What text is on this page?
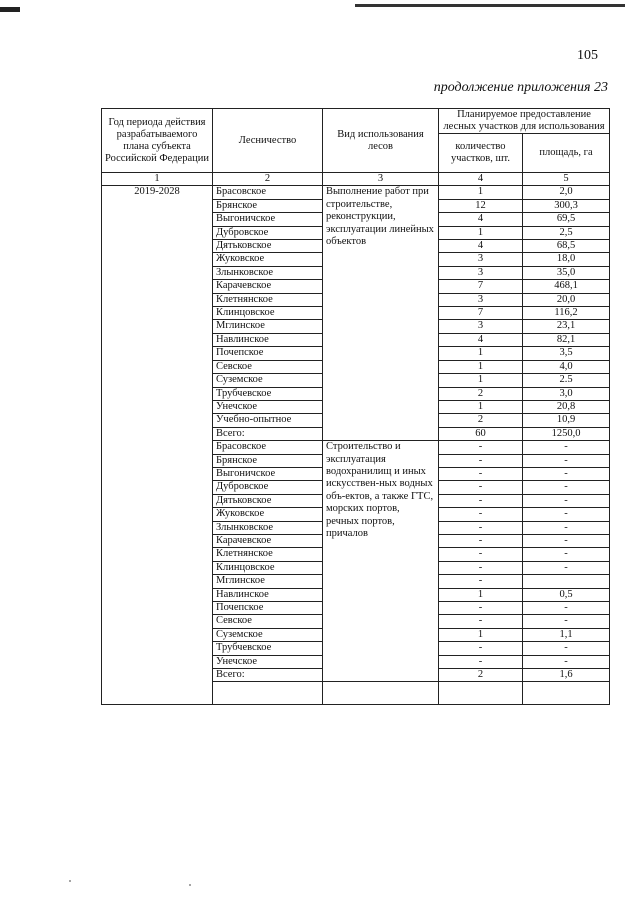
105
продолжение приложения 23
Год периода действия разрабатываемого плана субъекта Российской Федерации	Лесничество	Вид использования лесов	Планируемое предоставление лесных участков для использования	
			количество участков, шт.	площадь, га
1	2	3	4	5
2019-2028	Брасовское	Выполнение работ при строительстве, реконструкции, эксплуатации линейных объектов	1	2,0
	Брянское		12	300,3
	Выгоничское		4	69,5
	Дубровское		1	2,5
	Дятьковское		4	68,5
	Жуковское		3	18,0
	Злынковское		3	35,0
	Карачевское		7	468,1
	Клетнянское		3	20,0
	Клинцовское		7	116,2
	Мглинское		3	23,1
	Навлинское		4	82,1
	Почепское		1	3,5
	Севское		1	4,0
	Суземское		1	2.5
	Трубчевское		2	3,0
	Унечское		1	20,8
	Учебно-опытное		2	10,9
	Всего:		60	1250,0
	Брасовское	Строительство и эксплуатация водохранилищ и иных искусствен-ных водных объ-ектов, а также ГТС, морских портов, речных портов, причалов	-	-
	Брянское		-	-
	Выгоничское		-	-
	Дубровское		-	-
	Дятьковское		-	-
	Жуковское		-	-
	Злынковское		-	-
	Карачевское		-	-
	Клетнянское		-	-
	Клинцовское		-	-
	Мглинское		-	
	Навлинское		1	0,5
	Почепское		-	-
	Севское		-	-
	Суземское		1	1,1
	Трубчевское		-	-
	Унечское		-	-
	Всего:		2	1,6
